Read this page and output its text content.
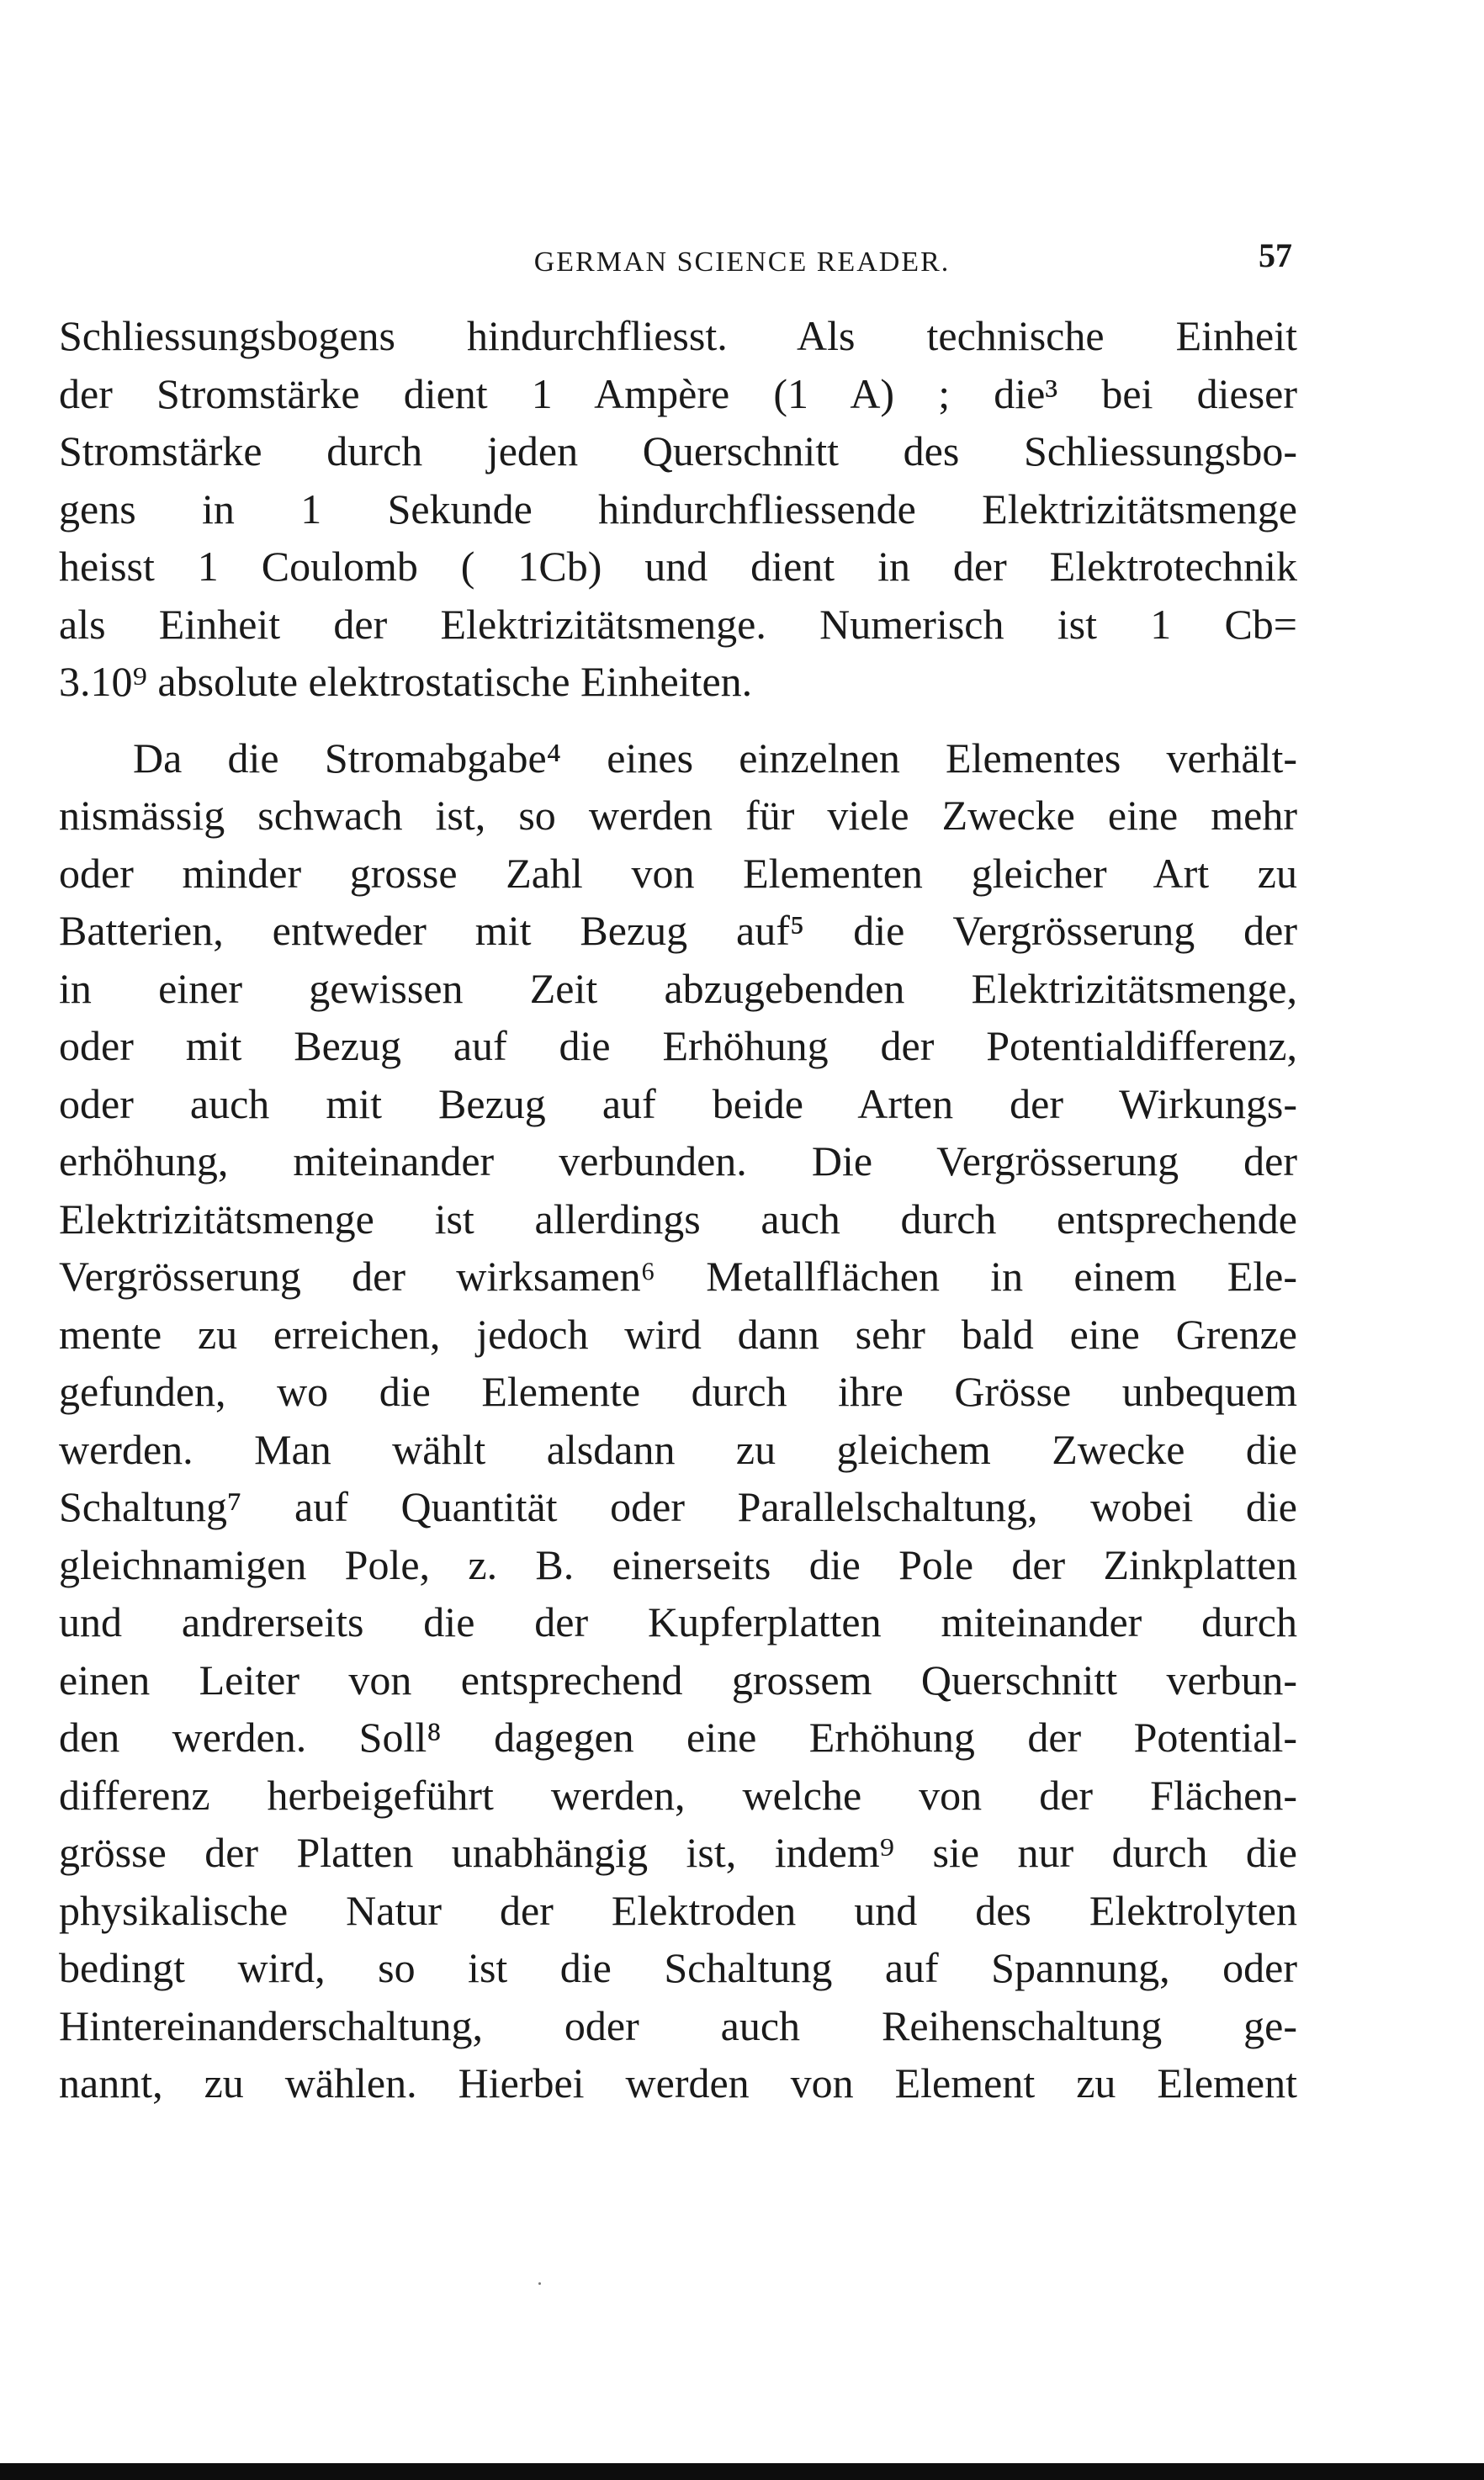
GERMAN SCIENCE READER.	57
Schliessungsbogens hindurchfliesst. Als technische Einheit
der Stromstärke dient 1 Ampère (1 A) ; die³ bei dieser
Stromstärke durch jeden Querschnitt des Schliessungsbo-
gens in 1 Sekunde hindurchfliessende Elektrizitätsmenge
heisst 1 Coulomb ( 1Cb) und dient in der Elektrotechnik
als Einheit der Elektrizitätsmenge. Numerisch ist 1 Cb=
3.10⁹ absolute elektrostatische Einheiten.
Da die Stromabgabe⁴ eines einzelnen Elementes verhält-
nismässig schwach ist, so werden für viele Zwecke eine mehr
oder minder grosse Zahl von Elementen gleicher Art zu
Batterien, entweder mit Bezug auf⁵ die Vergrösserung der
in einer gewissen Zeit abzugebenden Elektrizitätsmenge,
oder mit Bezug auf die Erhöhung der Potentialdifferenz,
oder auch mit Bezug auf beide Arten der Wirkungs-
erhöhung, miteinander verbunden. Die Vergrösserung der
Elektrizitätsmenge ist allerdings auch durch entsprechende
Vergrösserung der wirksamen⁶ Metallflächen in einem Ele-
mente zu erreichen, jedoch wird dann sehr bald eine Grenze
gefunden, wo die Elemente durch ihre Grösse unbequem
werden. Man wählt alsdann zu gleichem Zwecke die
Schaltung⁷ auf Quantität oder Parallelschaltung, wobei die
gleichnamigen Pole, z. B. einerseits die Pole der Zinkplatten
und andrerseits die der Kupferplatten miteinander durch
einen Leiter von entsprechend grossem Querschnitt verbun-
den werden. Soll⁸ dagegen eine Erhöhung der Potential-
differenz herbeigeführt werden, welche von der Flächen-
grösse der Platten unabhängig ist, indem⁹ sie nur durch die
physikalische Natur der Elektroden und des Elektrolyten
bedingt wird, so ist die Schaltung auf Spannung, oder
Hintereinanderschaltung, oder auch Reihenschaltung ge-
nannt, zu wählen. Hierbei werden von Element zu Element
